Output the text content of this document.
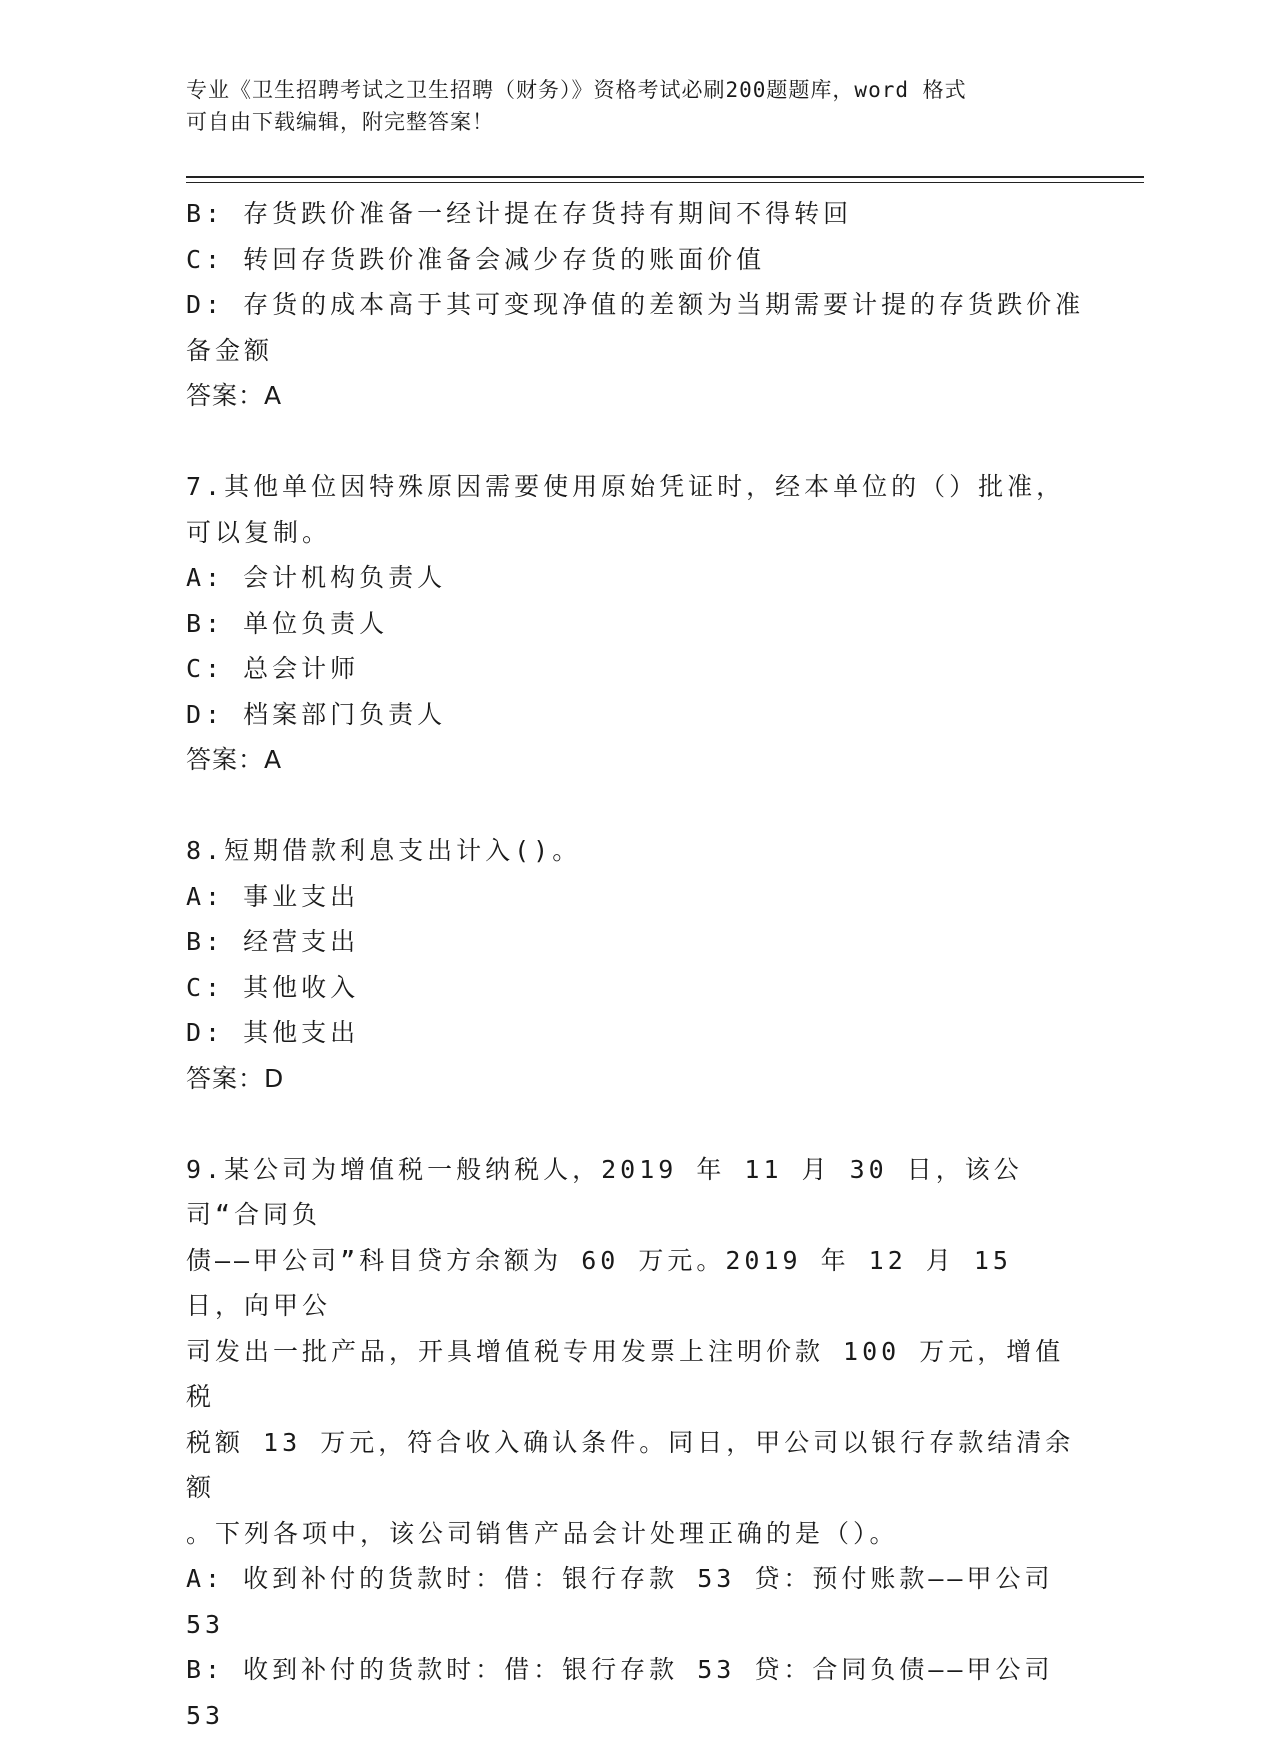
专业《卫生招聘考试之卫生招聘（财务）》资格考试必刷200题题库，word 格式
可自由下载编辑，附完整答案！
B: 存货跌价准备一经计提在存货持有期间不得转回
C: 转回存货跌价准备会减少存货的账面价值
D: 存货的成本高于其可变现净值的差额为当期需要计提的存货跌价准
备金额
答案：A
7.其他单位因特殊原因需要使用原始凭证时，经本单位的（）批准，
可以复制。
A: 会计机构负责人
B: 单位负责人
C: 总会计师
D: 档案部门负责人
答案：A
8.短期借款利息支出计入()。
A: 事业支出
B: 经营支出
C: 其他收入
D: 其他支出
答案：D
9.某公司为增值税一般纳税人，2019 年 11 月 30 日，该公司“合同负
债——甲公司”科目贷方余额为 60 万元。2019 年 12 月 15 日，向甲公
司发出一批产品，开具增值税专用发票上注明价款 100 万元，增值税
税额 13 万元，符合收入确认条件。同日，甲公司以银行存款结清余额
。下列各项中，该公司销售产品会计处理正确的是（）。
A: 收到补付的货款时：借：银行存款 53 贷：预付账款——甲公司 53
B: 收到补付的货款时：借：银行存款 53 贷：合同负债——甲公司 53
